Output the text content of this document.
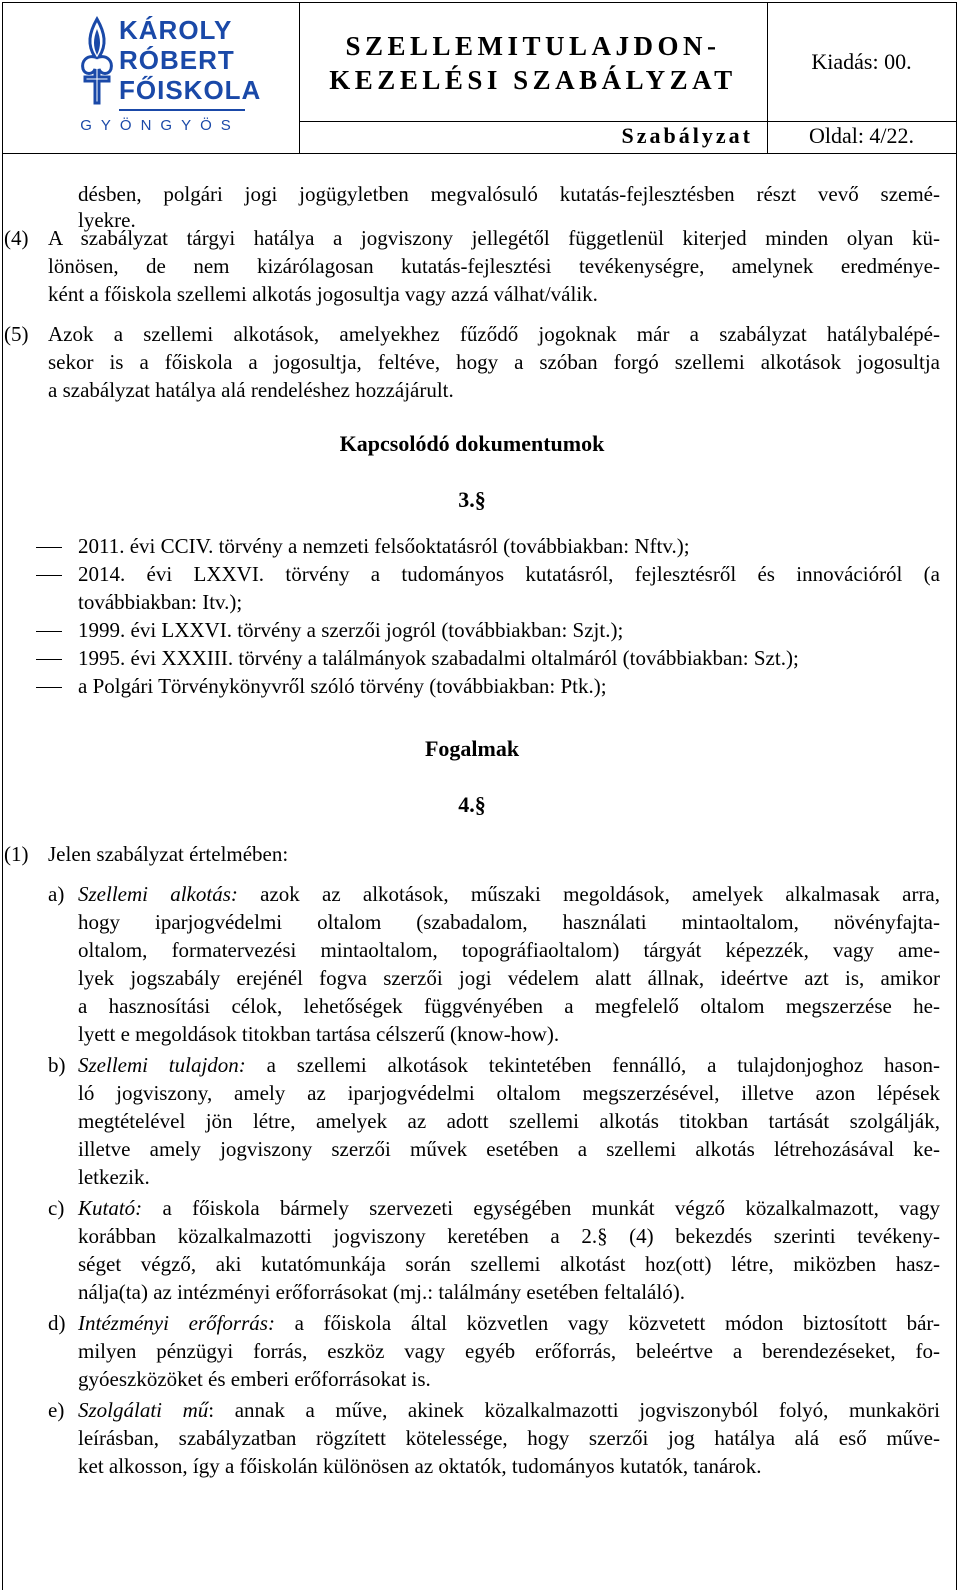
KÁROLY
RÓBERT
FŐISKOLA
GYÖNGYÖS
SZELLEMITULAJDON-
KEZELÉSI SZABÁLYZAT
Kiadás: 00.
Szabályzat	Oldal: 4/22.
désben, polgári jogi jogügyletben megvalósuló kutatás-fejlesztésben részt vevő szemé-
lyekre.
(4) A szabályzat tárgyi hatálya a jogviszony jellegétől függetlenül kiterjed minden olyan kü-
lönösen, de nem kizárólagosan kutatás-fejlesztési tevékenységre, amelynek eredménye-
ként a főiskola szellemi alkotás jogosultja vagy azzá válhat/válik.
(5) Azok a szellemi alkotások, amelyekhez fűződő jogoknak már a szabályzat hatálybalépé-
sekor is a főiskola a jogosultja, feltéve, hogy a szóban forgó szellemi alkotások jogosultja
a szabályzat hatálya alá rendeléshez hozzájárult.
Kapcsolódó dokumentumok
3.§
2011. évi CCIV. törvény a nemzeti felsőoktatásról (továbbiakban: Nftv.);
2014. évi LXXVI. törvény a tudományos kutatásról, fejlesztésről és innovációról (a
továbbiakban: Itv.);
1999. évi LXXVI. törvény a szerzői jogról (továbbiakban: Szjt.);
1995. évi XXXIII. törvény a találmányok szabadalmi oltalmáról (továbbiakban: Szt.);
a Polgári Törvénykönyvről szóló törvény (továbbiakban: Ptk.);
Fogalmak
4.§
(1) Jelen szabályzat értelmében:
a) Szellemi alkotás: azok az alkotások, műszaki megoldások, amelyek alkalmasak arra,
hogy iparjogvédelmi oltalom (szabadalom, használati mintaoltalom, növényfajta-
oltalom, formatervezési mintaoltalom, topográfiaoltalom) tárgyát képezzék, vagy ame-
lyek jogszabály erejénél fogva szerzői jogi védelem alatt állnak, ideértve azt is, amikor
a hasznosítási célok, lehetőségek függvényében a megfelelő oltalom megszerzése he-
lyett e megoldások titokban tartása célszerű (know-how).
b) Szellemi tulajdon: a szellemi alkotások tekintetében fennálló, a tulajdonjoghoz hason-
ló jogviszony, amely az iparjogvédelmi oltalom megszerzésével, illetve azon lépések
megtételével jön létre, amelyek az adott szellemi alkotás titokban tartását szolgálják,
illetve amely jogviszony szerzői művek esetében a szellemi alkotás létrehozásával ke-
letkezik.
c) Kutató: a főiskola bármely szervezeti egységében munkát végző közalkalmazott, vagy
korábban közalkalmazotti jogviszony keretében a 2.§ (4) bekezdés szerinti tevékeny-
séget végző, aki kutatómunkája során szellemi alkotást hoz(ott) létre, miközben hasz-
nálja(ta) az intézményi erőforrásokat (mj.: találmány esetében feltaláló).
d) Intézményi erőforrás: a főiskola által közvetlen vagy közvetett módon biztosított bár-
milyen pénzügyi forrás, eszköz vagy egyéb erőforrás, beleértve a berendezéseket, fo-
gyóeszközöket és emberi erőforrásokat is.
e) Szolgálati mű: annak a műve, akinek közalkalmazotti jogviszonyból folyó, munkaköri
leírásban, szabályzatban rögzített kötelessége, hogy szerzői jog hatálya alá eső műve-
ket alkosson, így a főiskolán különösen az oktatók, tudományos kutatók, tanárok.
